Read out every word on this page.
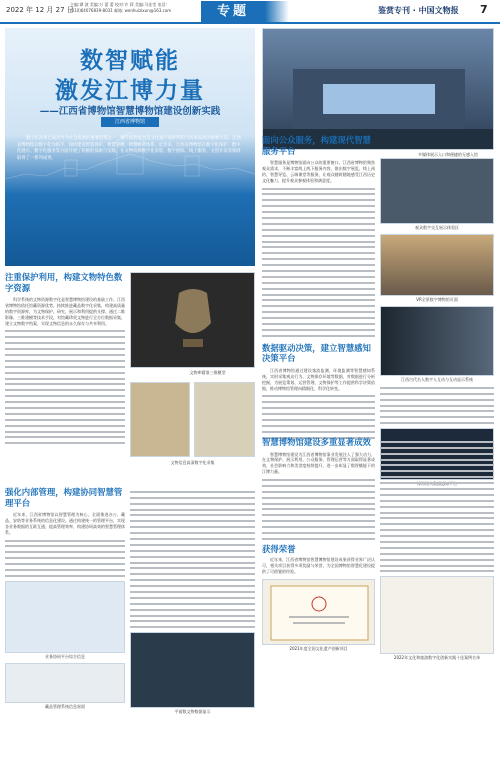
2022 年 12 月 27 日
主编:谭 波 美编:万 蕾 蕾 校对:许 莉 美编:马佳莹 电话: (010)64076839-8031 邮箱: wenhuizixun@163.com	专题	鉴赏专刊 · 中国文物报 7
数智赋能
激发江博力量
——江西省博物馆智慧博物馆建设创新实践
江西省博物馆
数字化改革已成为当今社会发展的重要趋势之一，数字化转型也是文化遗产保护利用与传承发展的重要方向。江西省博物馆以数字化为抓手，加快建设智慧保护、智慧管理、智慧服务体系。近年来，江西省博物馆在数字化保护、数字化展示、数字化服务等方面开展了积极的探索与实践，在文物资源数字化采集、数字展陈、线上服务、文创开发等领域取得了一系列成果。
注重保护利用，构建文物特色数字资源
科学系统的文物资源数字化是智慧博物馆建设的基础工作。江西省博物馆依托馆藏资源优势，持续推进藏品数字化采集，构建高质量的数字资源库，为文物保护、研究、展示和利用提供支撑。通过二维影像、三维建模等技术手段，对馆藏珍贵文物进行全方位数据采集，建立文物数字档案，实现文物信息的永久保存与共享利用。
文物库精准三维模型
文物信息高清数字化采集
多媒体展示入口和便捷的无感入馆
面向公众服务，构建现代智慧服务平台
智慧服务是博物馆面向公众的重要窗口。江西省博物馆聚焦观众需求，不断丰富线上线下服务内容，推出数字展览、线上预约、智慧导览、云端课堂等服务，让观众随时随地感受江西历史文化魅力，提升观众参观体验和满意度。
数据驱动决策，建立智慧感知决策平台
江西省博物馆通过建设客流监测、环境监测等智慧感知系统，实时采集观众行为、文物保存环境等数据，对数据进行分析挖掘，为展览策划、运营管理、文物保护等工作提供科学决策依据，推动博物馆管理向精细化、科学化转变。
观众数字交互展示体验区
VR全景数字博物馆页面
江西古代名人数字人互动与互动显示系统
强化内部管理，构建协同智慧管理平台
近年来，江西省博物馆以智慧管理为核心，全面推进办公、藏品、安防等业务系统的信息化建设。通过构建统一的管理平台，实现各业务数据的互联互通，提高管理效率，构建协同高效的智慧管理体系。
业务协同平台综合信息
藏品管理系统信息界面
平面数文物数据显示
智慧博物馆建设多重显著成效
智慧博物馆建设为江西省博物馆事业发展注入了强大动力，在文物保护、展示利用、公众服务、管理运营等方面取得显著成效，社会影响力和美誉度持续提升，进一步彰显了数智赋能下的江博力量。
获得荣誉
近年来，江西省博物馆智慧博物馆建设成果获得业界广泛认可，相关项目获得多项奖励与荣誉，为全国博物馆智慧化建设提供了可借鉴的经验。
2021年度全国文化遗产创新项目
2022年文化和旅游数字化创新实践十佳案例名单
